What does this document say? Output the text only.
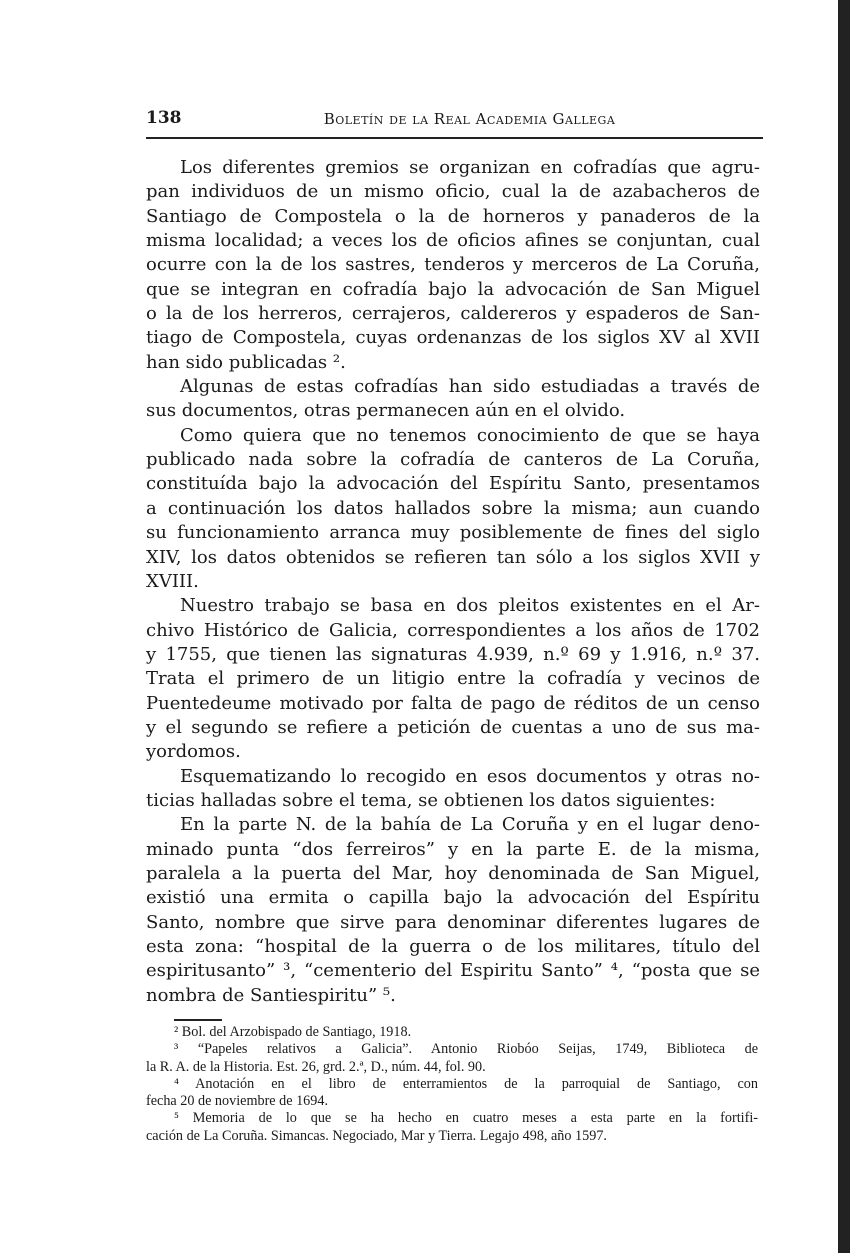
138	Boletín de la Real Academia Gallega
Los diferentes gremios se organizan en cofradías que agru-
pan individuos de un mismo oficio, cual la de azabacheros de
Santiago de Compostela o la de horneros y panaderos de la
misma localidad; a veces los de oficios afines se conjuntan, cual
ocurre con la de los sastres, tenderos y merceros de La Coruña,
que se integran en cofradía bajo la advocación de San Miguel
o la de los herreros, cerrajeros, caldereros y espaderos de San-
tiago de Compostela, cuyas ordenanzas de los siglos XV al XVII
han sido publicadas ².
Algunas de estas cofradías han sido estudiadas a través de
sus documentos, otras permanecen aún en el olvido.
Como quiera que no tenemos conocimiento de que se haya
publicado nada sobre la cofradía de canteros de La Coruña,
constituída bajo la advocación del Espíritu Santo, presentamos
a continuación los datos hallados sobre la misma; aun cuando
su funcionamiento arranca muy posiblemente de fines del siglo
XIV, los datos obtenidos se refieren tan sólo a los siglos XVII y
XVIII.
Nuestro trabajo se basa en dos pleitos existentes en el Ar-
chivo Histórico de Galicia, correspondientes a los años de 1702
y 1755, que tienen las signaturas 4.939, n.º 69 y 1.916, n.º 37.
Trata el primero de un litigio entre la cofradía y vecinos de
Puentedeume motivado por falta de pago de réditos de un censo
y el segundo se refiere a petición de cuentas a uno de sus ma-
yordomos.
Esquematizando lo recogido en esos documentos y otras no-
ticias halladas sobre el tema, se obtienen los datos siguientes:
En la parte N. de la bahía de La Coruña y en el lugar deno-
minado punta “dos ferreiros” y en la parte E. de la misma,
paralela a la puerta del Mar, hoy denominada de San Miguel,
existió una ermita o capilla bajo la advocación del Espíritu
Santo, nombre que sirve para denominar diferentes lugares de
esta zona: “hospital de la guerra o de los militares, título del
espiritusanto” ³, “cementerio del Espiritu Santo” ⁴, “posta que se
nombra de Santiespiritu” ⁵.
² Bol. del Arzobispado de Santiago, 1918.
³ “Papeles relativos a Galicia”. Antonio Riobóo Seijas, 1749, Biblioteca de
la R. A. de la Historia. Est. 26, grd. 2.ª, D., núm. 44, fol. 90.
⁴ Anotación en el libro de enterramientos de la parroquial de Santiago, con
fecha 20 de noviembre de 1694.
⁵ Memoria de lo que se ha hecho en cuatro meses a esta parte en la fortifi-
cación de La Coruña. Simancas. Negociado, Mar y Tierra. Legajo 498, año 1597.
